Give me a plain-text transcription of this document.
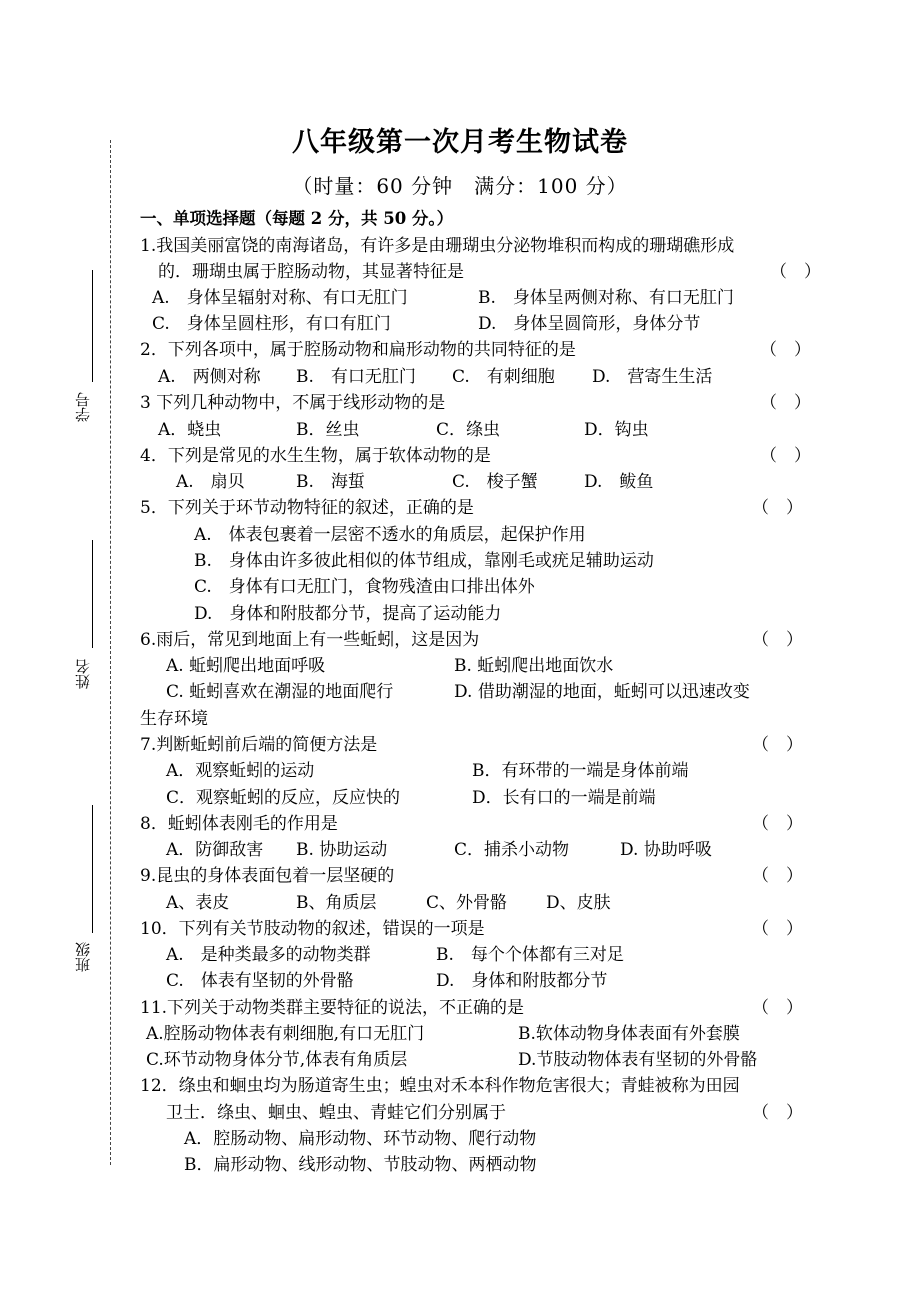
学号
姓名
班级
八年级第一次月考生物试卷
（时量：60 分钟　满分：100 分）
一、单项选择题（每题 2 分，共 50 分。）
1.我国美丽富饶的南海诸岛，有许多是由珊瑚虫分泌物堆积而构成的珊瑚礁形成
的．珊瑚虫属于腔肠动物，其显著特征是	（　）
A.　身体呈辐射对称、有口无肛门	B.　身体呈两侧对称、有口无肛门
C.　身体呈圆柱形，有口有肛门	D.　身体呈圆筒形，身体分节
2．下列各项中，属于腔肠动物和扁形动物的共同特征的是	（　）
A.　两侧对称 B.　有口无肛门 C.　有刺细胞 D.　营寄生生活
3 下列几种动物中，不属于线形动物的是	（　）
A．蛲虫	B．丝虫	C．绦虫	D．钩虫
4．下列是常见的水生生物，属于软体动物的是	（　）
A.　扇贝	B.　海蜇	C.　梭子蟹	D.　鲅鱼
5．下列关于环节动物特征的叙述，正确的是	（　）
A.　体表包裹着一层密不透水的角质层，起保护作用
B.　身体由许多彼此相似的体节组成，靠刚毛或疣足辅助运动
C.　身体有口无肛门，食物残渣由口排出体外
D.　身体和附肢都分节，提高了运动能力
6.雨后，常见到地面上有一些蚯蚓，这是因为	（　）
A. 蚯蚓爬出地面呼吸	B. 蚯蚓爬出地面饮水
C. 蚯蚓喜欢在潮湿的地面爬行	D. 借助潮湿的地面，蚯蚓可以迅速改变
生存环境
7.判断蚯蚓前后端的简便方法是	（　）
A．观察蚯蚓的运动	B．有环带的一端是身体前端
C．观察蚯蚓的反应，反应快的	D．长有口的一端是前端
8．蚯蚓体表刚毛的作用是	（　）
A．防御敌害 B. 协助运动	C．捕杀小动物	D. 协助呼吸
9.昆虫的身体表面包着一层坚硬的	（　）
A、表皮	B、角质层	C、外骨骼 D、皮肤
10．下列有关节肢动物的叙述，错误的一项是	（　）
A.　是种类最多的动物类群	B.　每个个体都有三对足
C.　体表有坚韧的外骨骼	D.　身体和附肢都分节
11.下列关于动物类群主要特征的说法，不正确的是	（　）
A.腔肠动物体表有刺细胞,有口无肛门	B.软体动物身体表面有外套膜
C.环节动物身体分节,体表有角质层	D.节肢动物体表有坚韧的外骨骼
12．绦虫和蛔虫均为肠道寄生虫；蝗虫对禾本科作物危害很大；青蛙被称为田园
卫士．绦虫、蛔虫、蝗虫、青蛙它们分别属于	（　）
A．腔肠动物、扁形动物、环节动物、爬行动物
B．扁形动物、线形动物、节肢动物、两栖动物
